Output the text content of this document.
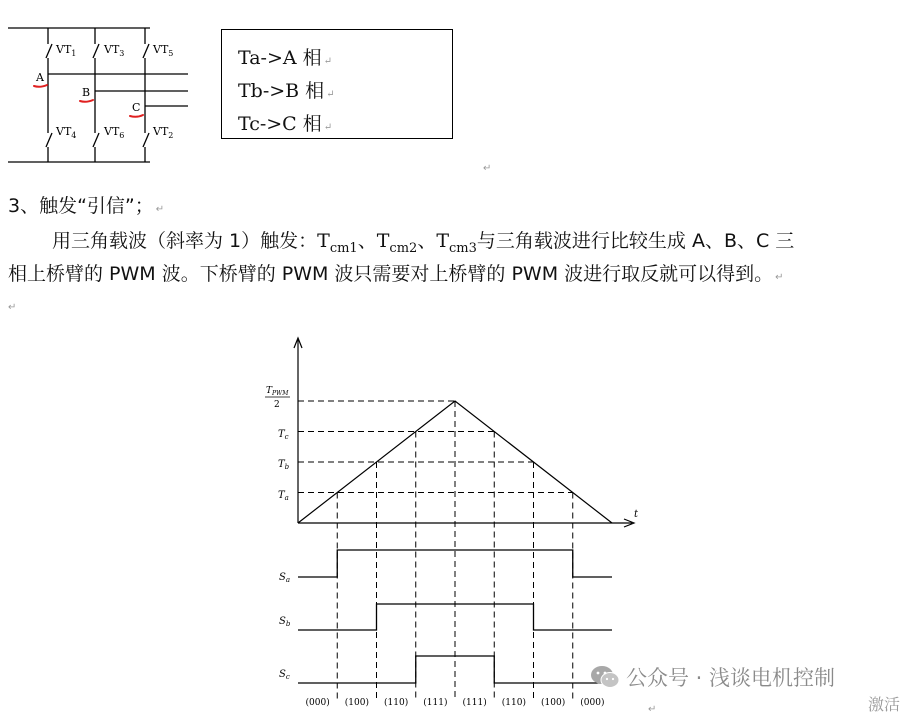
$VT_1$	$VT_3$	$VT_5$
$VT_4$	$VT_6$	$VT_2$
A
B
C
Ta->A 相 ↵
Tb->B 相 ↵
Tc->C 相 ↵
↵
3、触发“引信”； ↵
用三角载波（斜率为 1）触发：$T_{cm1}$、$T_{cm2}$、$T_{cm3}$与三角载波进行比较生成 A、B、C 三
相上桥臂的 PWM 波。下桥臂的 PWM 波只需要对上桥臂的 PWM 波进行取反就可以得到。 ↵
↵
$T_{PWM}$
2
$T_c$
$T_b$
$T_a$
t
$S_a$
$S_b$
$S_c$
(000) (100) (110) (111) (111) (110) (100) (000)
↵
公众号 · 浅谈电机控制
激活
